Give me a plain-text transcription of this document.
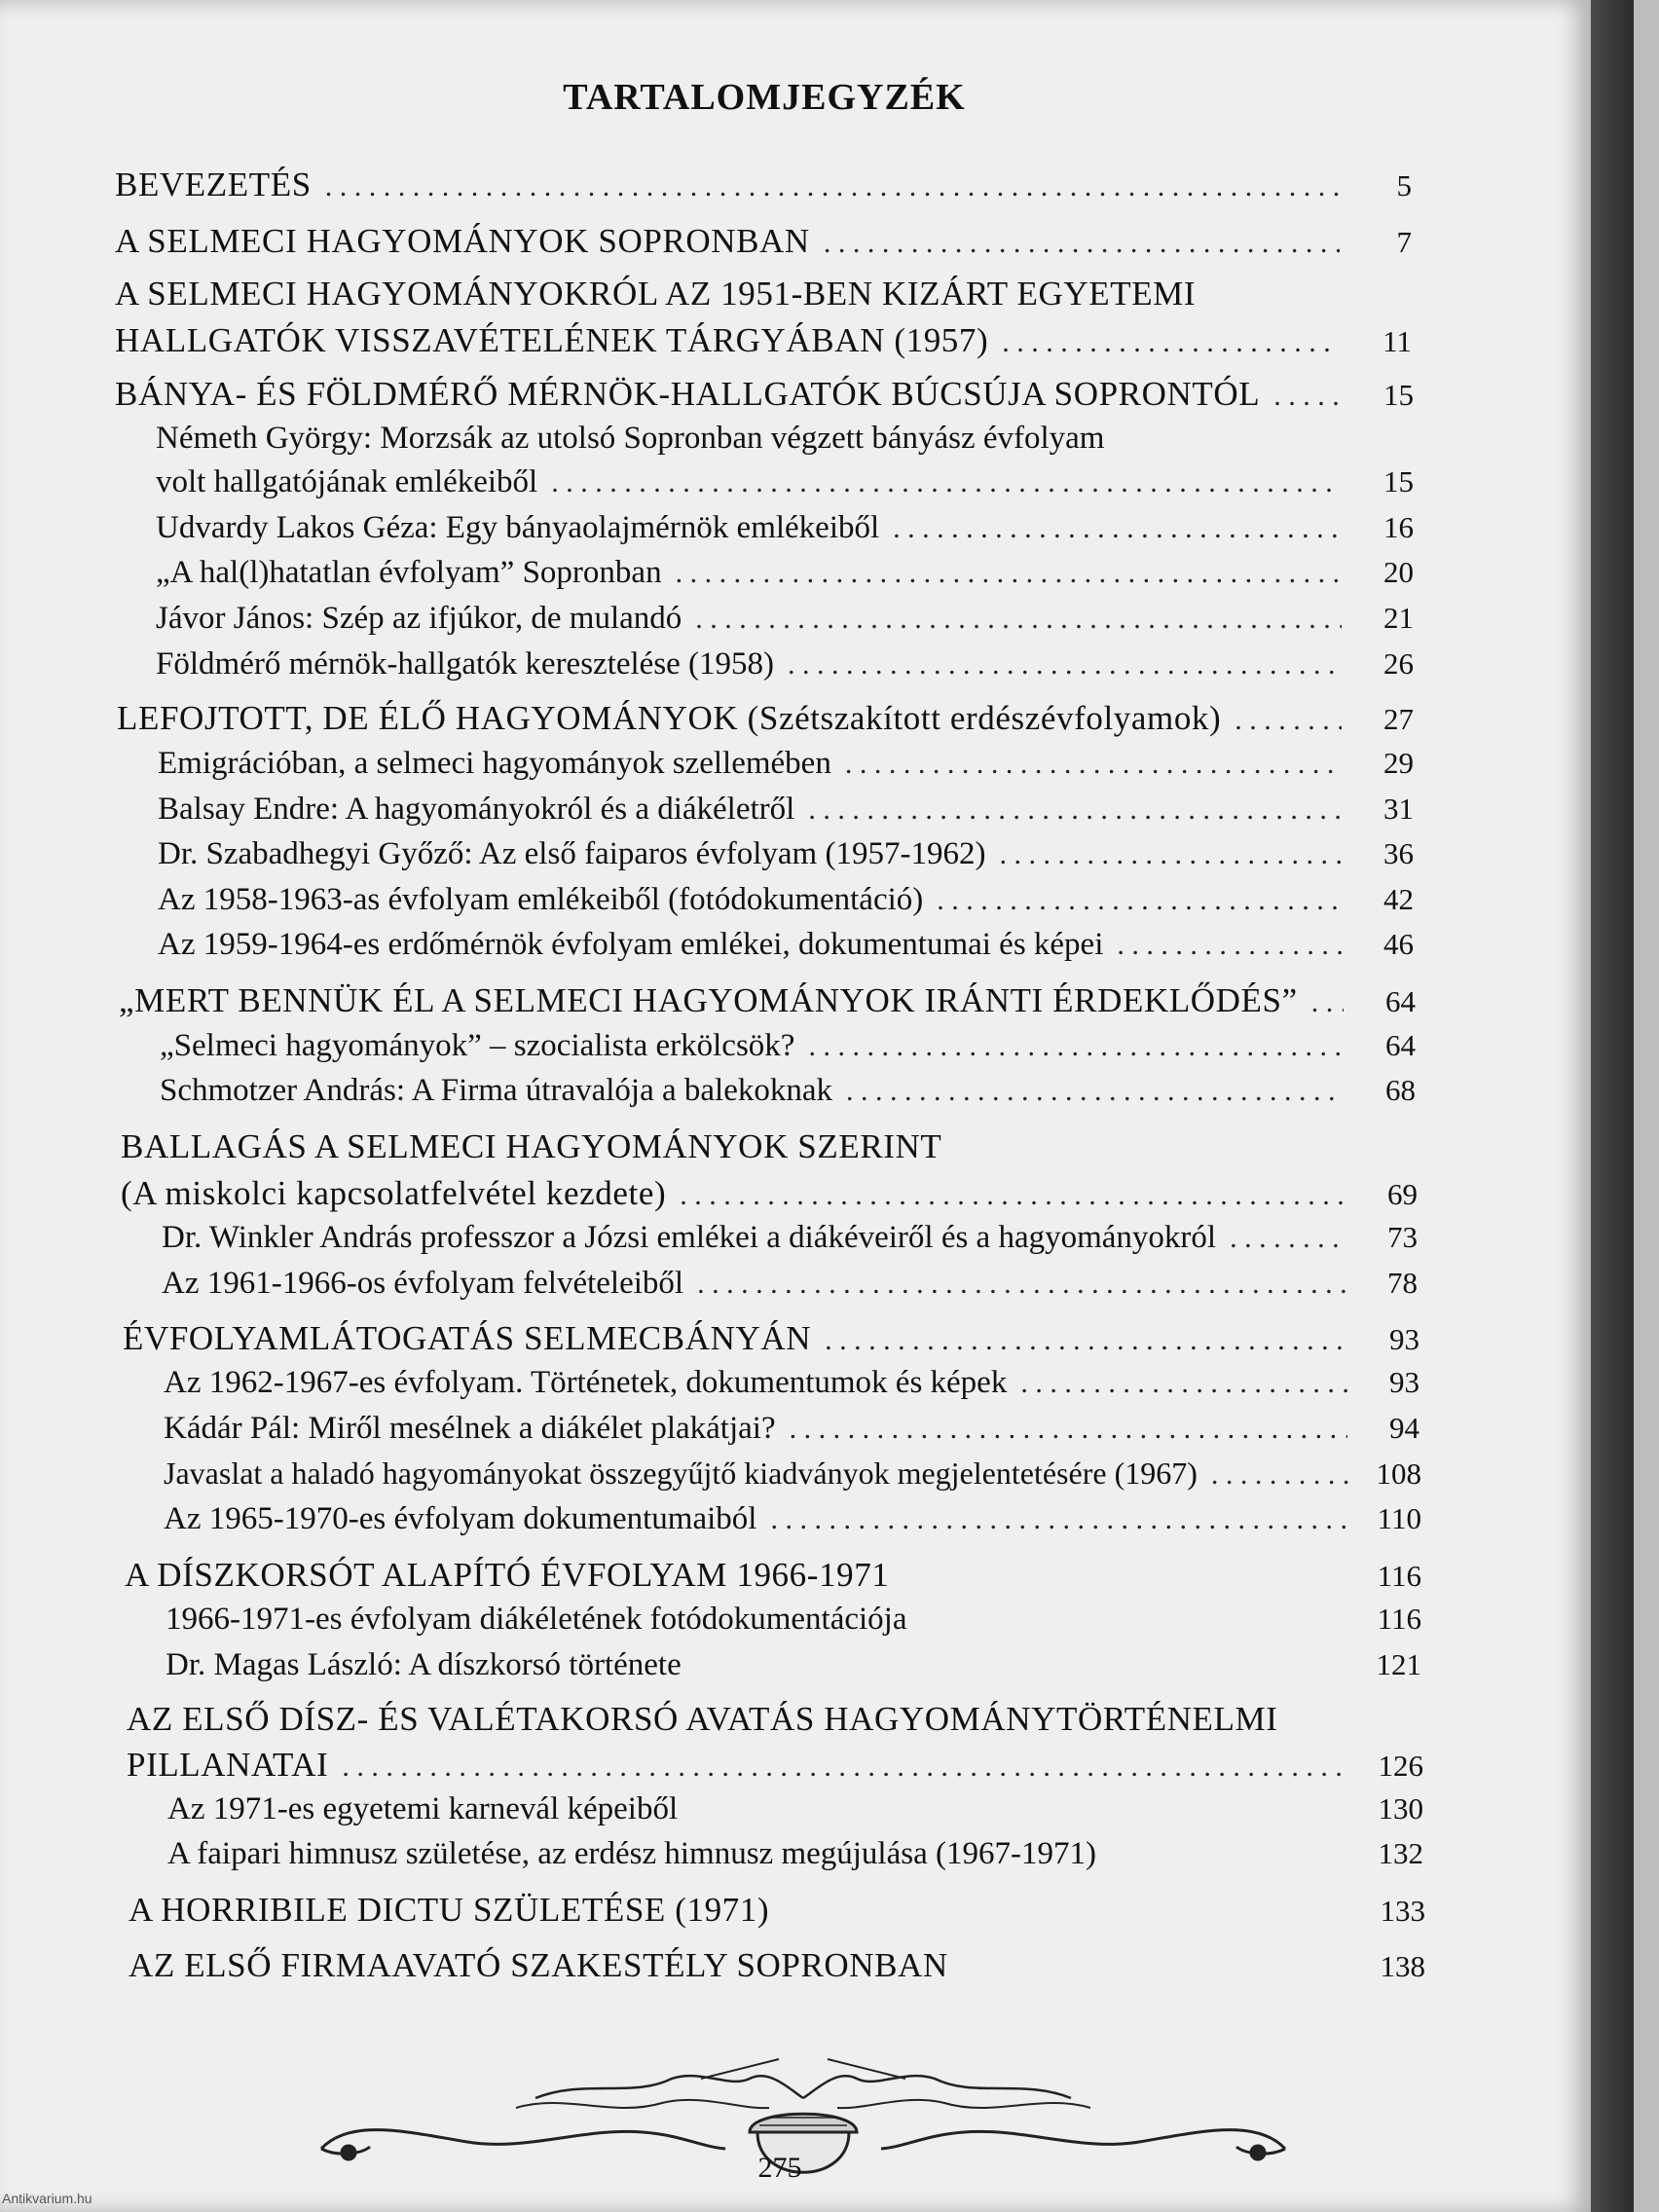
TARTALOMJEGYZÉK
BEVEZETÉS . . .	5
A SELMECI HAGYOMÁNYOK SOPRONBAN . . .	7
A SELMECI HAGYOMÁNYOKRÓL AZ 1951-BEN KIZÁRT EGYETEMI
HALLGATÓK VISSZAVÉTELÉNEK TÁRGYÁBAN (1957) . . .	11
BÁNYA- ÉS FÖLDMÉRŐ MÉRNÖK-HALLGATÓK BÚCSÚJA SOPRONTÓL . . .	15
Németh György: Morzsák az utolsó Sopronban végzett bányász évfolyam
volt hallgatójának emlékeiből . . .	15
Udvardy Lakos Géza: Egy bányaolajmérnök emlékeiből . . .	16
„A hal(l)hatatlan évfolyam” Sopronban . . .	20
Jávor János: Szép az ifjúkor, de mulandó . . .	21
Földmérő mérnök-hallgatók keresztelése (1958) . . .	26
LEFOJTOTT, DE ÉLŐ HAGYOMÁNYOK (Szétszakított erdészévfolyamok) . . .	27
Emigrációban, a selmeci hagyományok szellemében . . .	29
Balsay Endre: A hagyományokról és a diákéletről . . .	31
Dr. Szabadhegyi Győző: Az első faiparos évfolyam (1957-1962) . . .	36
Az 1958-1963-as évfolyam emlékeiből (fotódokumentáció) . . .	42
Az 1959-1964-es erdőmérnök évfolyam emlékei, dokumentumai és képei . . .	46
„MERT BENNÜK ÉL A SELMECI HAGYOMÁNYOK IRÁNTI ÉRDEKLŐDÉS” . . .	64
„Selmeci hagyományok” – szocialista erkölcsök? . . .	64
Schmotzer András: A Firma útravalója a balekoknak . . .	68
BALLAGÁS A SELMECI HAGYOMÁNYOK SZERINT
(A miskolci kapcsolatfelvétel kezdete) . . .	69
Dr. Winkler András professzor a Józsi emlékei a diákéveiről és a hagyományokról . . .	73
Az 1961-1966-os évfolyam felvételeiből . . .	78
ÉVFOLYAMLÁTOGATÁS SELMECBÁNYÁN . . .	93
Az 1962-1967-es évfolyam. Történetek, dokumentumok és képek . . .	93
Kádár Pál: Miről mesélnek a diákélet plakátjai? . . .	94
Javaslat a haladó hagyományokat összegyűjtő kiadványok megjelentetésére (1967) . . .	108
Az 1965-1970-es évfolyam dokumentumaiból . . .	110
A DÍSZKORSÓT ALAPÍTÓ ÉVFOLYAM 1966-1971	116
1966-1971-es évfolyam diákéletének fotódokumentációja	116
Dr. Magas László: A díszkorsó története	121
AZ ELSŐ DÍSZ- ÉS VALÉTAKORSÓ AVATÁS HAGYOMÁNYTÖRTÉNELMI
PILLANATAI . . .	126
Az 1971-es egyetemi karnevál képeiből	130
A faipari himnusz születése, az erdész himnusz megújulása (1967-1971)	132
A HORRIBILE DICTU SZÜLETÉSE (1971)	133
AZ ELSŐ FIRMAAVATÓ SZAKESTÉLY SOPRONBAN	138
275
Antikvarium.hu
